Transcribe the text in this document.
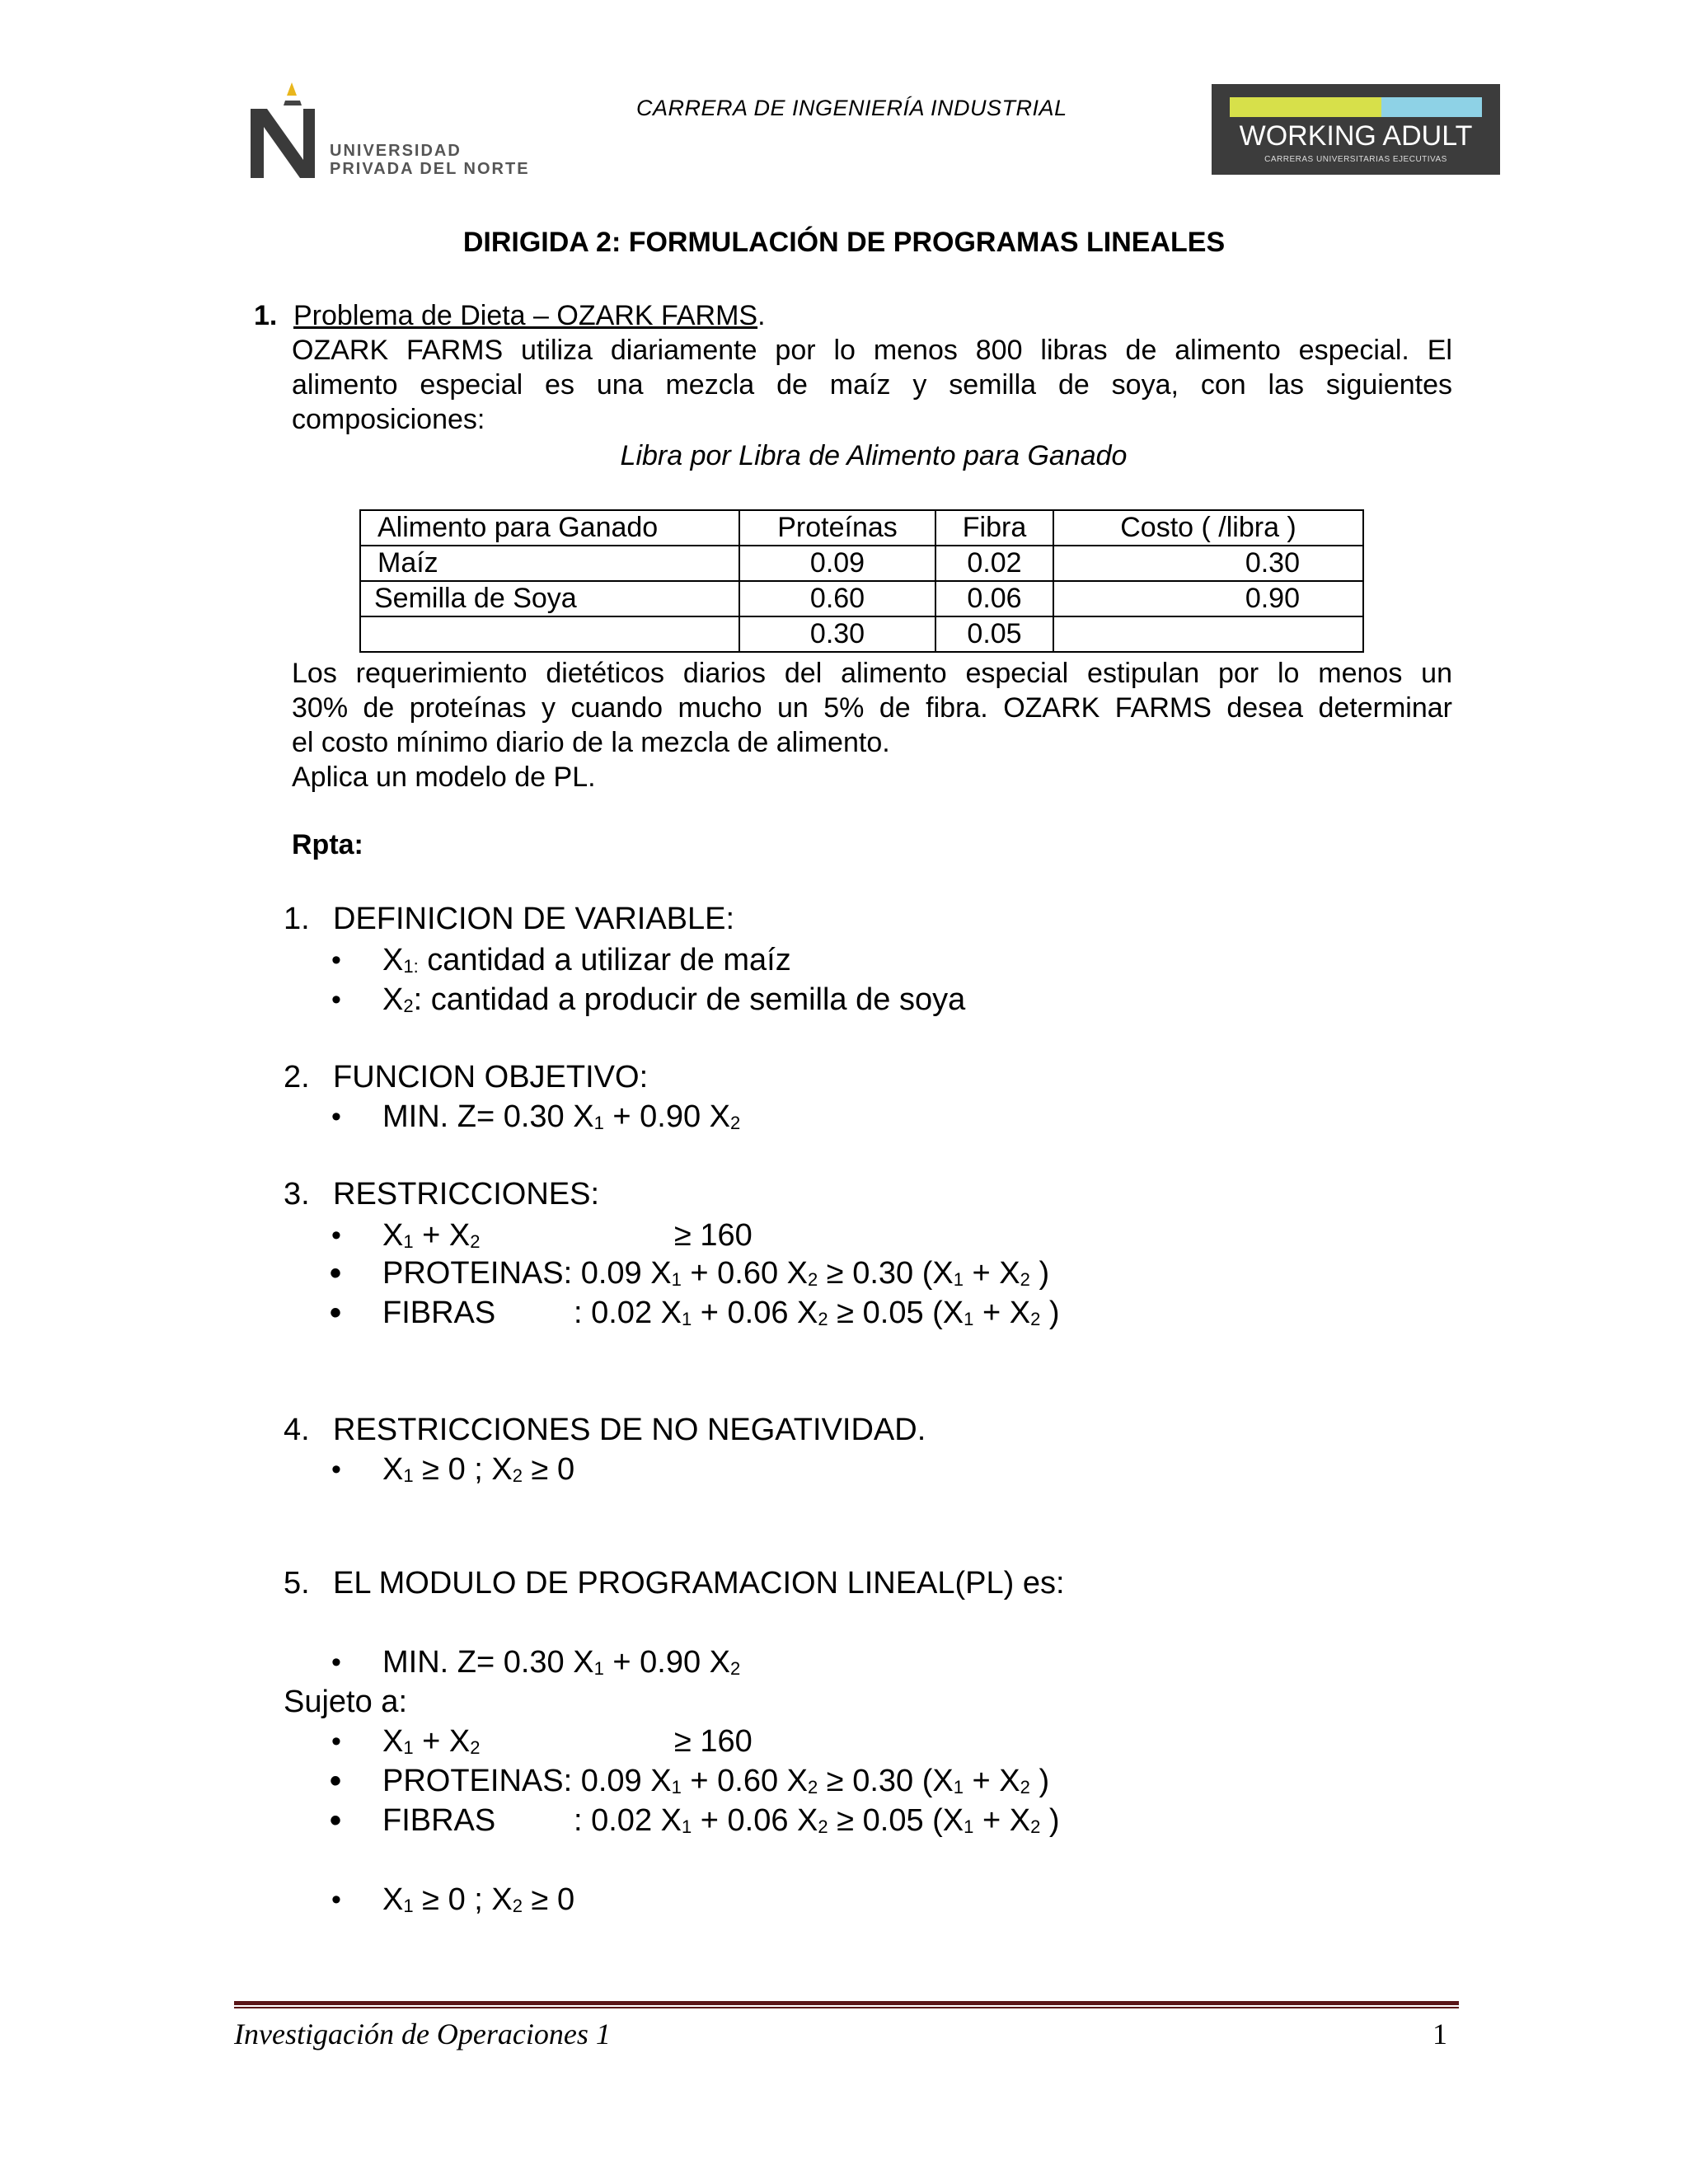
UNIVERSIDAD
PRIVADA DEL NORTE
CARRERA DE INGENIERÍA INDUSTRIAL
WORKING ADULT
CARRERAS UNIVERSITARIAS EJECUTIVAS
DIRIGIDA 2: FORMULACIÓN DE PROGRAMAS LINEALES
1. Problema de Dieta – OZARK FARMS.
OZARK FARMS utiliza diariamente por lo menos 800 libras de alimento especial. El
alimento especial es una mezcla de maíz y semilla de soya, con las siguientes
composiciones:
Libra por Libra de Alimento para Ganado
Alimento para Ganado	Proteínas	Fibra	Costo ( /libra )
Maíz	0.09	0.02	0.30
Semilla de Soya	0.60	0.06	0.90
	0.30	0.05	
Los requerimiento dietéticos diarios del alimento especial estipulan por lo menos un
30% de proteínas y cuando mucho un 5% de fibra. OZARK FARMS desea determinar
el costo mínimo diario de la mezcla de alimento.
Aplica un modelo de PL.
Rpta:
1. DEFINICION DE VARIABLE:
• $X_{1:}$ cantidad a utilizar de maíz
• $X_2$: cantidad a producir de semilla de soya
2. FUNCION OBJETIVO:
• MIN. Z= 0.30 $X_1 + 0.90$ $X_2$
3. RESTRICCIONES:
• $X_1 + X_2$	≥ 160
• PROTEINAS: 0.09 $X_1 + 0.60$ $X_2 \ge 0.30$ ($X_1 + X_2$ )
• FIBRAS : 0.02 $X_1 + 0.06$ $X_2 \ge 0.05$ ($X_1 + X_2$ )
4. RESTRICCIONES DE NO NEGATIVIDAD.
• $X_1 \ge 0$ ; $X_2 \ge 0$
5. EL MODULO DE PROGRAMACION LINEAL(PL) es:
• MIN. Z= 0.30 $X_1 + 0.90$ $X_2$
Sujeto a:
• $X_1 + X_2$	≥ 160
• PROTEINAS: 0.09 $X_1 + 0.60$ $X_2 \ge 0.30$ ($X_1 + X_2$ )
• FIBRAS : 0.02 $X_1 + 0.06$ $X_2 \ge 0.05$ ($X_1 + X_2$ )
• $X_1 \ge 0$ ; $X_2 \ge 0$
Investigación de Operaciones 1	1
